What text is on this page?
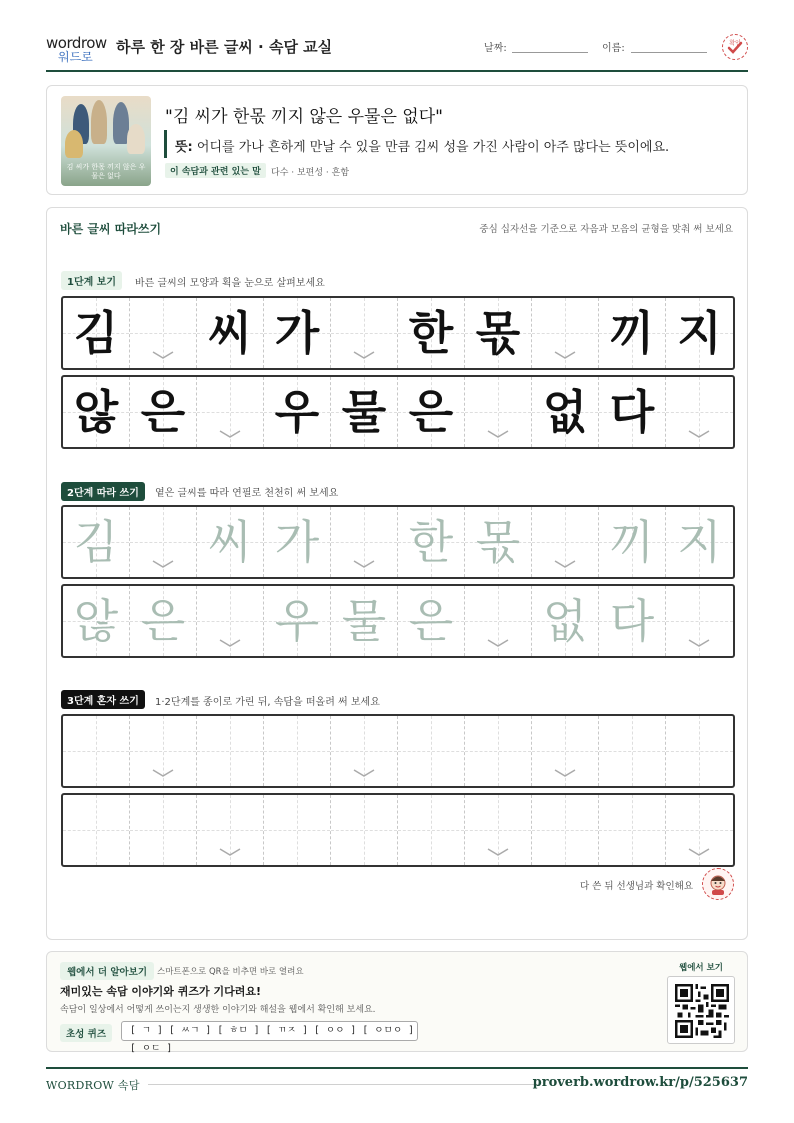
wordrow
워드로
하루 한 장 바른 글씨 · 속담 교실	날짜:	이름:	확인
김 씨가 한몫 끼지 않은 우물은 없다
"김 씨가 한몫 끼지 않은 우물은 없다"
뜻: 어디를 가나 흔하게 만날 수 있을 만큼 김씨 성을 가진 사람이 아주 많다는 뜻이에요.
이 속담과 관련 있는 말	다수 · 보편성 · 흔함
바른 글씨 따라쓰기	중심 십자선을 기준으로 자음과 모음의 균형을 맞춰 써 보세요
1단계 보기	바른 글씨의 모양과 획을 눈으로 살펴보세요
김 씨 가 한 몫 끼 지
않 은 우 물 은 없 다
2단계 따라 쓰기	옅은 글씨를 따라 연필로 천천히 써 보세요
김 씨 가 한 몫 끼 지
않 은 우 물 은 없 다
3단계 혼자 쓰기	1·2단계를 종이로 가린 뒤, 속담을 떠올려 써 보세요
다 쓴 뒤 선생님과 확인해요
웹에서 더 알아보기	스마트폰으로 QR을 비추면 바로 열려요
재미있는 속담 이야기와 퀴즈가 기다려요!
속담이 일상에서 어떻게 쓰이는지 생생한 이야기와 해설을 웹에서 확인해 보세요.
초성 퀴즈	[ ㄱ ] [ ㅆㄱ ] [ ㅎㅁ ] [ ㄲㅈ ] [ ㅇㅇ ] [ ㅇㅁㅇ ] [ ㅇㄷ ]
웹에서 보기
WORDROW 속담	proverb.wordrow.kr/p/525637
